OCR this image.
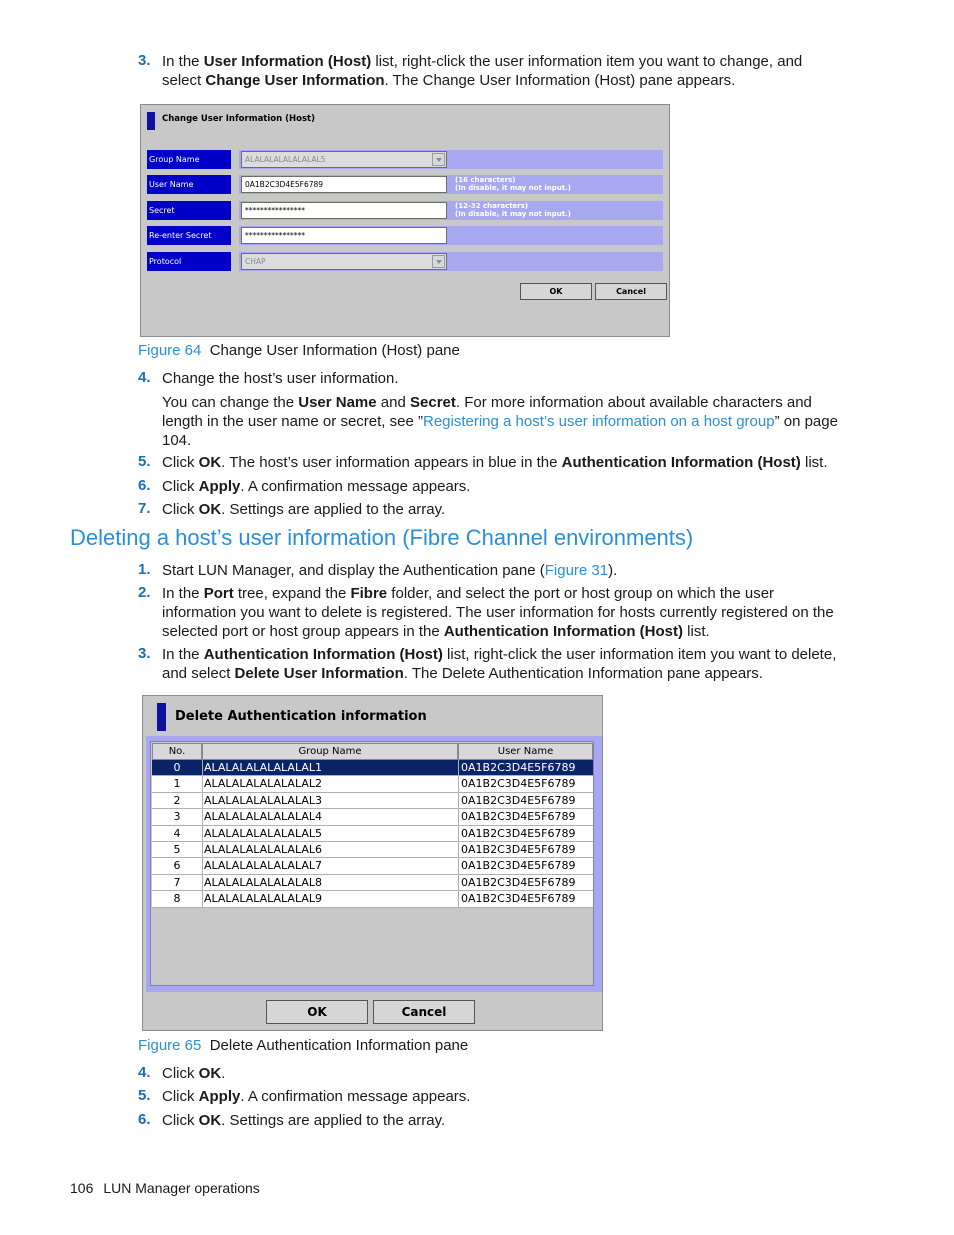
3. In the User Information (Host) list, right-click the user information item you want to change, and select Change User Information. The Change User Information (Host) pane appears.
Change User Information (Host)
Group Name	ALALALALALALALAL5
User Name	0A1B2C3D4E5F6789	(16 characters)
(In disable, it may not input.)
Secret	****************	(12-32 characters)
(In disable, it may not input.)
Re-enter Secret	****************
Protocol	CHAP
OK	Cancel
Figure 64 Change User Information (Host) pane
4. Change the host’s user information.
You can change the User Name and Secret. For more information about available characters and length in the user name or secret, see ”Registering a host’s user information on a host group” on page 104.
5. Click OK. The host’s user information appears in blue in the Authentication Information (Host) list.
6. Click Apply. A confirmation message appears.
7. Click OK. Settings are applied to the array.
Deleting a host’s user information (Fibre Channel environments)
1. Start LUN Manager, and display the Authentication pane (Figure 31).
2. In the Port tree, expand the Fibre folder, and select the port or host group on which the user information you want to delete is registered. The user information for hosts currently registered on the selected port or host group appears in the Authentication Information (Host) list.
3. In the Authentication Information (Host) list, right-click the user information item you want to delete, and select Delete User Information. The Delete Authentication Information pane appears.
Delete Authentication information
No.	Group Name	User Name
0	ALALALALALALALAL1	0A1B2C3D4E5F6789
1	ALALALALALALALAL2	0A1B2C3D4E5F6789
2	ALALALALALALALAL3	0A1B2C3D4E5F6789
3	ALALALALALALALAL4	0A1B2C3D4E5F6789
4	ALALALALALALALAL5	0A1B2C3D4E5F6789
5	ALALALALALALALAL6	0A1B2C3D4E5F6789
6	ALALALALALALALAL7	0A1B2C3D4E5F6789
7	ALALALALALALALAL8	0A1B2C3D4E5F6789
8	ALALALALALALALAL9	0A1B2C3D4E5F6789
OK	Cancel
Figure 65 Delete Authentication Information pane
4. Click OK.
5. Click Apply. A confirmation message appears.
6. Click OK. Settings are applied to the array.
106 LUN Manager operations
